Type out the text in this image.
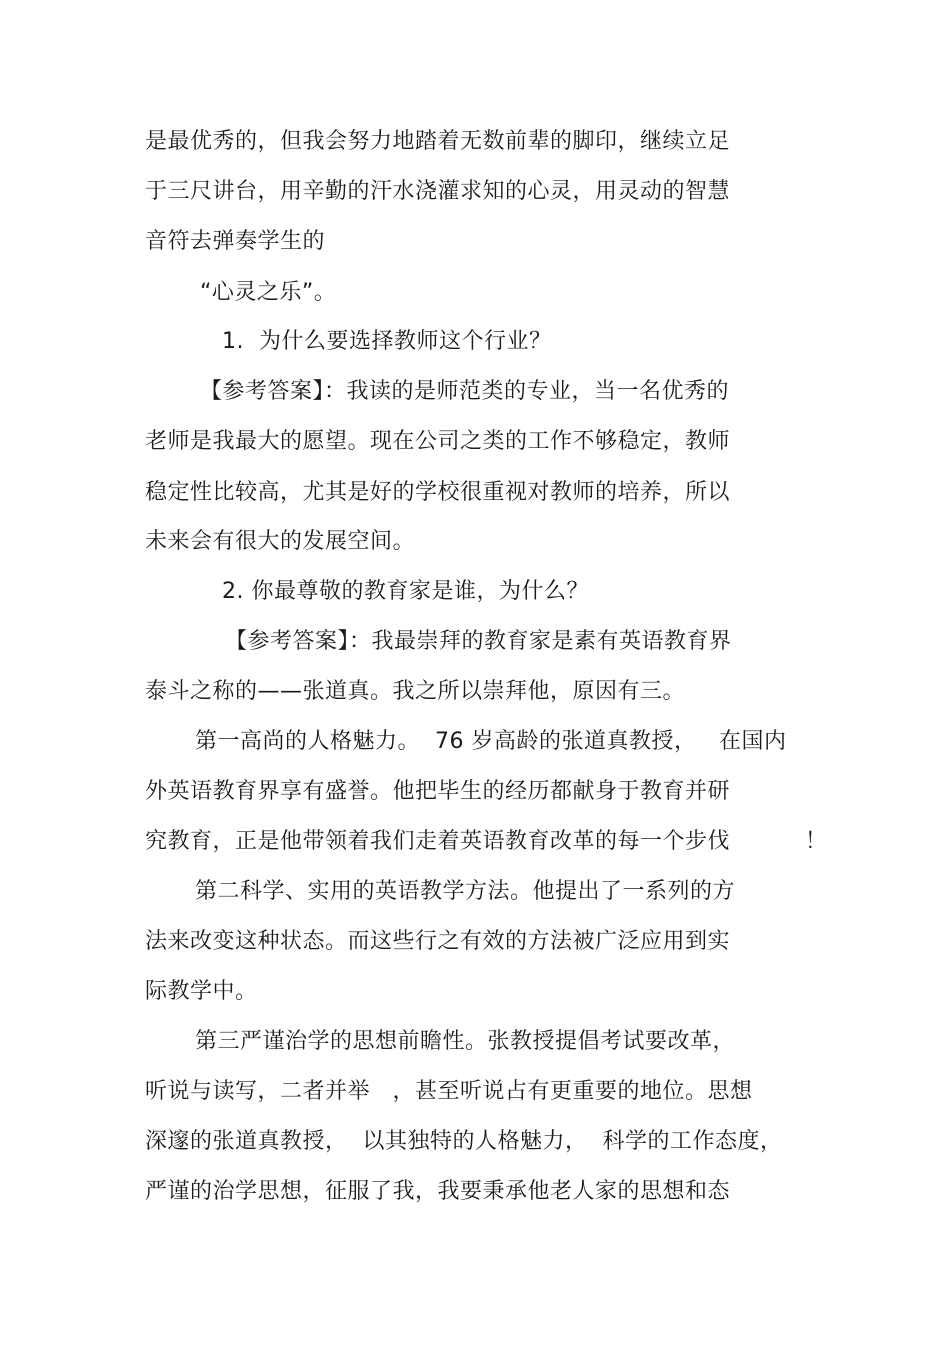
是最优秀的，但我会努力地踏着无数前辈的脚印，继续立足
于三尺讲台，用辛勤的汗水浇灌求知的心灵，用灵动的智慧
音符去弹奏学生的
“心灵之乐”。
1.  为什么要选择教师这个行业？
【参考答案】：我读的是师范类的专业，当一名优秀的
老师是我最大的愿望。现在公司之类的工作不够稳定，教师
稳定性比较高，尤其是好的学校很重视对教师的培养，所以
未来会有很大的发展空间。
2. 你最尊敬的教育家是谁，为什么？
【参考答案】：我最崇拜的教育家是素有英语教育界
泰斗之称的——张道真。我之所以崇拜他，原因有三。
第一高尚的人格魅力。  76 岁高龄的张道真教授，   在国内
外英语教育界享有盛誉。他把毕生的经历都献身于教育并研
究教育，正是他带领着我们走着英语教育改革的每一个步伐          ！
第二科学、实用的英语教学方法。他提出了一系列的方
法来改变这种状态。而这些行之有效的方法被广泛应用到实
际教学中。
第三严谨治学的思想前瞻性。张教授提倡考试要改革，
听说与读写，二者并举   ，甚至听说占有更重要的地位。思想
深邃的张道真教授，  以其独特的人格魅力，  科学的工作态度，
严谨的治学思想，征服了我，我要秉承他老人家的思想和态
